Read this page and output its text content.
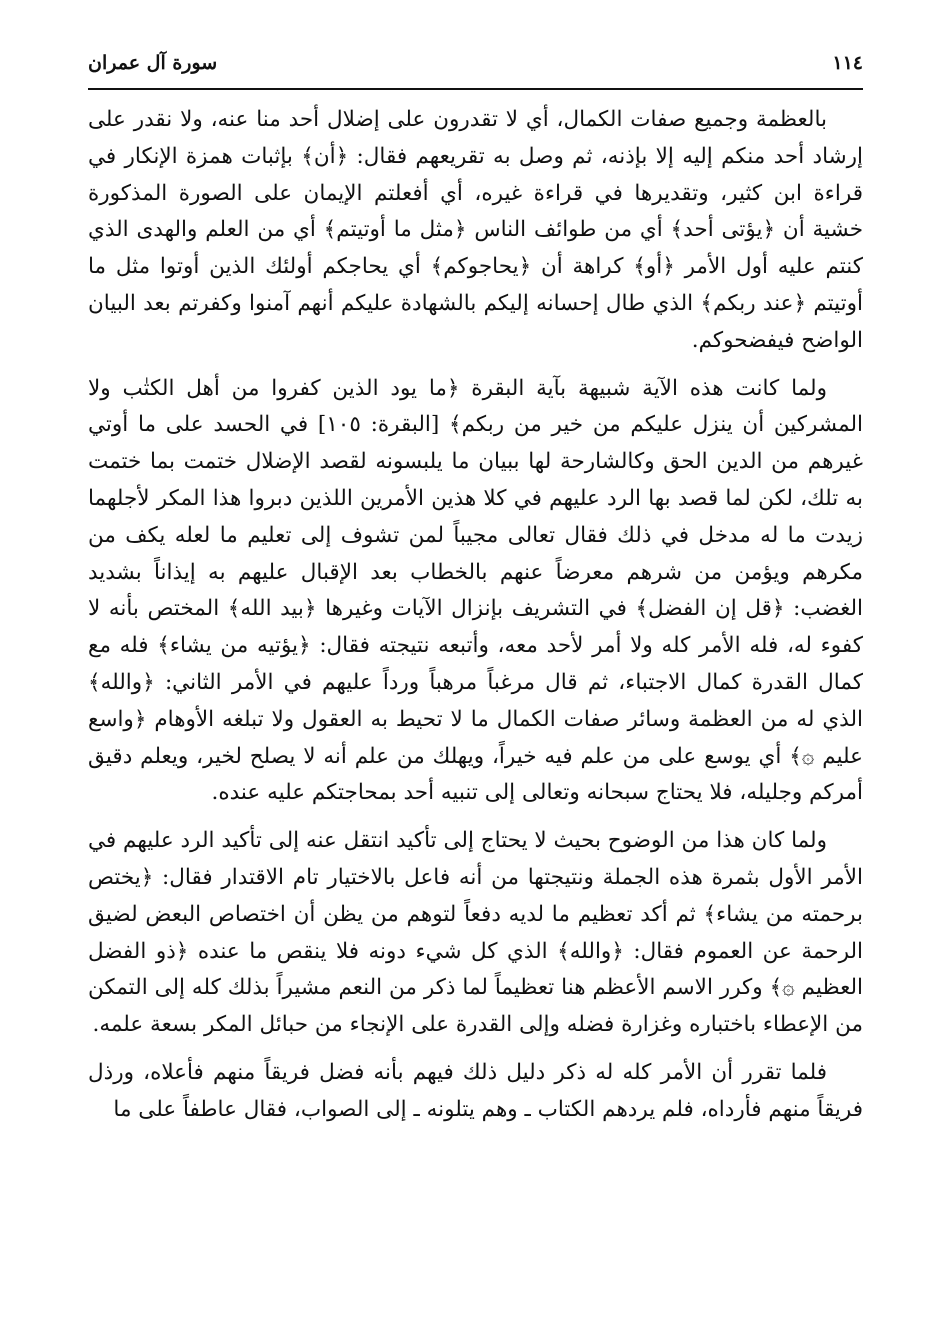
١١٤
سورة آل عمران

بالعظمة وجميع صفات الكمال، أي لا تقدرون على إضلال أحد منا عنه، ولا نقدر على إرشاد أحد منكم إليه إلا بإذنه، ثم وصل به تقريعهم فقال: ﴿أن﴾ بإثبات همزة الإنكار في قراءة ابن كثير، وتقديرها في قراءة غيره، أي أفعلتم الإيمان على الصورة المذكورة خشية أن ﴿يؤتى أحد﴾ أي من طوائف الناس ﴿مثل ما أوتيتم﴾ أي من العلم والهدى الذي كنتم عليه أول الأمر ﴿أو﴾ كراهة أن ﴿يحاجوكم﴾ أي يحاجكم أولئك الذين أوتوا مثل ما أوتيتم ﴿عند ربكم﴾ الذي طال إحسانه إليكم بالشهادة عليكم أنهم آمنوا وكفرتم بعد البيان الواضح فيفضحوكم.

ولما كانت هذه الآية شبيهة بآية البقرة ﴿ما يود الذين كفروا من أهل الكتٰب ولا المشركين أن ينزل عليكم من خير من ربكم﴾ [البقرة: ١٠٥] في الحسد على ما أوتي غيرهم من الدين الحق وكالشارحة لها ببيان ما يلبسونه لقصد الإضلال ختمت بما ختمت به تلك، لكن لما قصد بها الرد عليهم في كلا هذين الأمرين اللذين دبروا هذا المكر لأجلهما زيدت ما له مدخل في ذلك فقال تعالى مجيباً لمن تشوف إلى تعليم ما لعله يكف من مكرهم ويؤمن من شرهم معرضاً عنهم بالخطاب بعد الإقبال عليهم به إيذاناً بشديد الغضب: ﴿قل إن الفضل﴾ في التشريف بإنزال الآيات وغيرها ﴿بيد الله﴾ المختص بأنه لا كفوء له، فله الأمر كله ولا أمر لأحد معه، وأتبعه نتيجته فقال: ﴿يؤتيه من يشاء﴾ فله مع كمال القدرة كمال الاجتباء، ثم قال مرغباً مرهباً ورداً عليهم في الأمر الثاني: ﴿والله﴾ الذي له من العظمة وسائر صفات الكمال ما لا تحيط به العقول ولا تبلغه الأوهام ﴿واسع عليم ۞﴾ أي يوسع على من علم فيه خيراً، ويهلك من علم أنه لا يصلح لخير، ويعلم دقيق أمركم وجليله، فلا يحتاج سبحانه وتعالى إلى تنبيه أحد بمحاجتكم عليه عنده.

ولما كان هذا من الوضوح بحيث لا يحتاج إلى تأكيد انتقل عنه إلى تأكيد الرد عليهم في الأمر الأول بثمرة هذه الجملة ونتيجتها من أنه فاعل بالاختيار تام الاقتدار فقال: ﴿يختص برحمته من يشاء﴾ ثم أكد تعظيم ما لديه دفعاً لتوهم من يظن أن اختصاص البعض لضيق الرحمة عن العموم فقال: ﴿والله﴾ الذي كل شيء دونه فلا ينقص ما عنده ﴿ذو الفضل العظيم ۞﴾ وكرر الاسم الأعظم هنا تعظيماً لما ذكر من النعم مشيراً بذلك كله إلى التمكن من الإعطاء باختباره وغزارة فضله وإلى القدرة على الإنجاء من حبائل المكر بسعة علمه.

فلما تقرر أن الأمر كله له ذكر دليل ذلك فيهم بأنه فضل فريقاً منهم فأعلاه، ورذل فريقاً منهم فأرداه، فلم يردهم الكتاب ـ وهم يتلونه ـ إلى الصواب، فقال عاطفاً على ما
